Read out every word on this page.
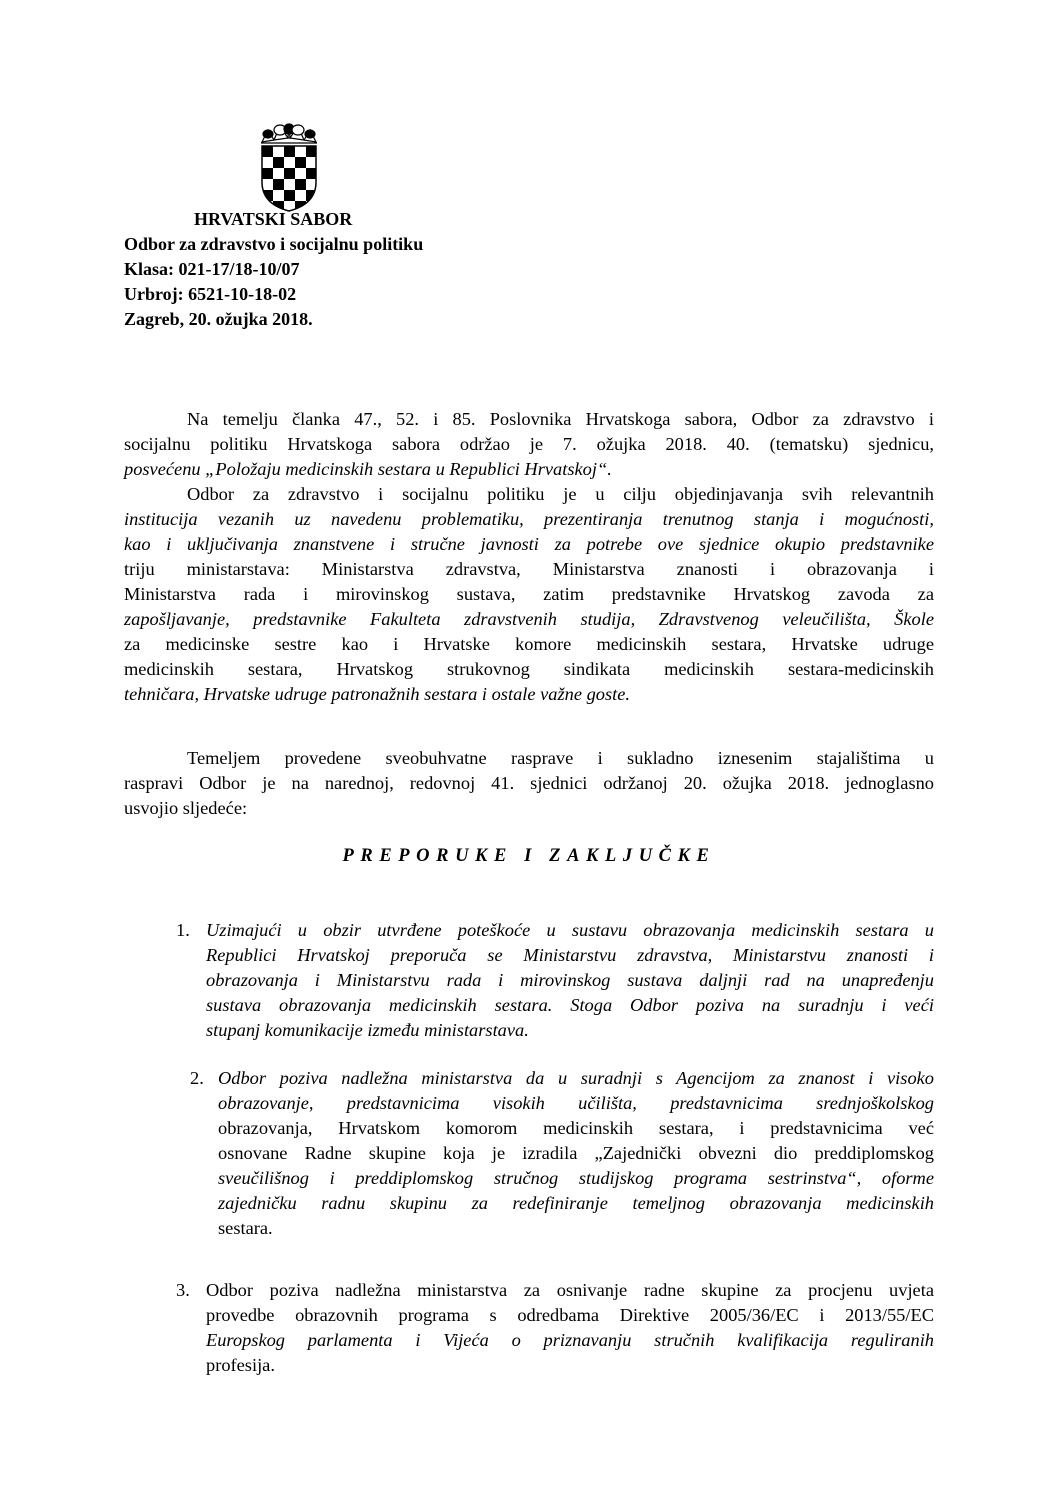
HRVATSKI SABOR
Odbor za zdravstvo i socijalnu politiku
Klasa: 021-17/18-10/07
Urbroj: 6521-10-18-02
Zagreb, 20. ožujka 2018.
Na temelju članka 47., 52. i 85. Poslovnika Hrvatskoga sabora, Odbor za zdravstvo i
socijalnu politiku Hrvatskoga sabora održao je 7. ožujka 2018. 40. (tematsku) sjednicu,
posvećenu „Položaju medicinskih sestara u Republici Hrvatskoj“.
Odbor za zdravstvo i socijalnu politiku je u cilju objedinjavanja svih relevantnih
institucija vezanih uz navedenu problematiku, prezentiranja trenutnog stanja i mogućnosti,
kao i uključivanja znanstvene i stručne javnosti za potrebe ove sjednice okupio predstavnike
triju ministarstava: Ministarstva zdravstva, Ministarstva znanosti i obrazovanja i
Ministarstva rada i mirovinskog sustava, zatim predstavnike Hrvatskog zavoda za
zapošljavanje, predstavnike Fakulteta zdravstvenih studija, Zdravstvenog veleučilišta, Škole
za medicinske sestre kao i Hrvatske komore medicinskih sestara, Hrvatske udruge
medicinskih sestara, Hrvatskog strukovnog sindikata medicinskih sestara-medicinskih
tehničara, Hrvatske udruge patronažnih sestara i ostale važne goste.
Temeljem provedene sveobuhvatne rasprave i sukladno iznesenim stajalištima u
raspravi Odbor je na narednoj, redovnoj 41. sjednici održanoj 20. ožujka 2018. jednoglasno
usvojio sljedeće:
PREPORUKE I ZAKLJUČKE
1. Uzimajući u obzir utvrđene poteškoće u sustavu obrazovanja medicinskih sestara u
Republici Hrvatskoj preporuča se Ministarstvu zdravstva, Ministarstvu znanosti i
obrazovanja i Ministarstvu rada i mirovinskog sustava daljnji rad na unapređenju
sustava obrazovanja medicinskih sestara. Stoga Odbor poziva na suradnju i veći
stupanj komunikacije između ministarstava.
2. Odbor poziva nadležna ministarstva da u suradnji s Agencijom za znanost i visoko
obrazovanje, predstavnicima visokih učilišta, predstavnicima srednjoškolskog
obrazovanja, Hrvatskom komorom medicinskih sestara, i predstavnicima već
osnovane Radne skupine koja je izradila „Zajednički obvezni dio preddiplomskog
sveučilišnog i preddiplomskog stručnog studijskog programa sestrinstva“, oforme
zajedničku radnu skupinu za redefiniranje temeljnog obrazovanja medicinskih
sestara.
3. Odbor poziva nadležna ministarstva za osnivanje radne skupine za procjenu uvjeta
provedbe obrazovnih programa s odredbama Direktive 2005/36/EC i 2013/55/EC
Europskog parlamenta i Vijeća o priznavanju stručnih kvalifikacija reguliranih
profesija.
